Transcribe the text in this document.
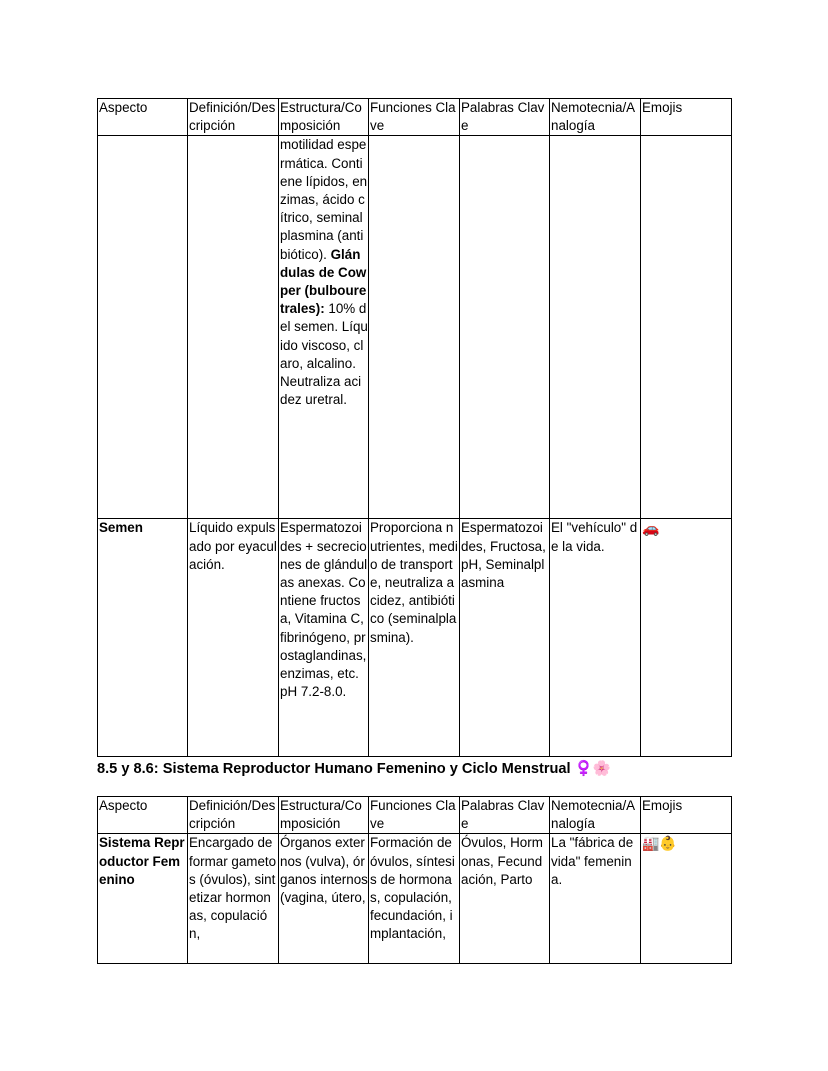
Aspecto	Definición/Descripción	Estructura/Composición	Funciones Clave	Palabras Clave	Nemotecnia/Analogía	Emojis
		motilidad espermática. Contiene lípidos, enzimas, ácido cítrico, seminalplasmina (antibiótico). Glándulas de Cowper (bulbouretrales): 10% del semen. Líquido viscoso, claro, alcalino. Neutraliza acidez uretral.				
Semen	Líquido expulsado por eyaculación.	Espermatozoides + secreciones de glándulas anexas. Contiene fructosa, Vitamina C, fibrinógeno, prostaglandinas, enzimas, etc. pH 7.2-8.0.	Proporciona nutrientes, medio de transporte, neutraliza acidez, antibiótico (seminalplasmina).	Espermatozoides, Fructosa, pH, Seminalplasmina	El "vehículo" de la vida.	🚗
8.5 y 8.6: Sistema Reproductor Humano Femenino y Ciclo Menstrual ♀️🌸
Aspecto	Definición/Descripción	Estructura/Composición	Funciones Clave	Palabras Clave	Nemotecnia/Analogía	Emojis
Sistema Reproductor Femenino	Encargado de formar gametos (óvulos), sintetizar hormonas, copulación,	Órganos externos (vulva), órganos internos (vagina, útero,	Formación de óvulos, síntesis de hormonas, copulación, fecundación, implantación,	Óvulos, Hormonas, Fecundación, Parto	La "fábrica de vida" femenina.	🏭👶
